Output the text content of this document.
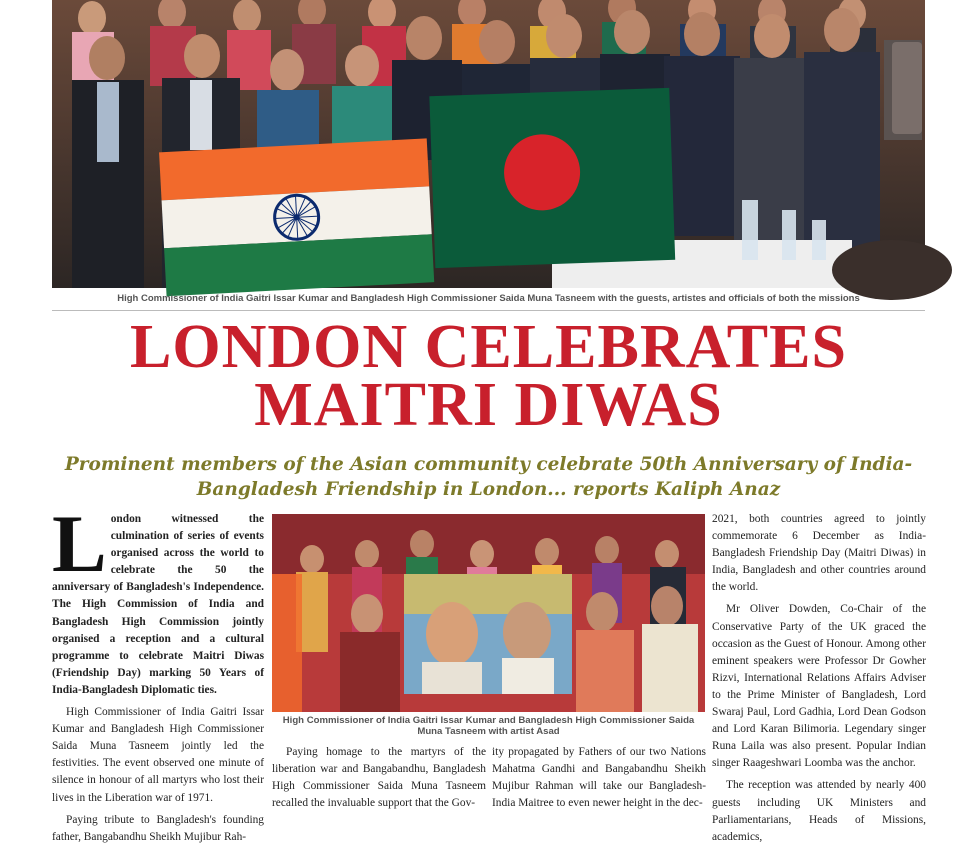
High Commissioner of India Gaitri Issar Kumar and Bangladesh High Commissioner Saida Muna Tasneem with the guests, artistes and officials of both the missions
LONDON CELEBRATES
MAITRI DIWAS
Prominent members of the Asian community celebrate 50th Anniversary of India-
Bangladesh Friendship in London... reports Kaliph Anaz

London witnessed the culmination of series of events organised across the world to celebrate the 50 the anniversary of Bangladesh's Independence. The High Commission of India and Bangladesh High Commission jointly organised a reception and a cultural programme to celebrate Maitri Diwas (Friendship Day) marking 50 Years of India-Bangladesh Diplomatic ties.

High Commissioner of India Gaitri Issar Kumar and Bangladesh High Commissioner Saida Muna Tasneem jointly led the festivities. The event observed one minute of silence in honour of all martyrs who lost their lives in the Liberation war of 1971.

Paying tribute to Bangladesh's founding father, Bangabandhu Sheikh Mujibur Rah-

High Commissioner of India Gaitri Issar Kumar and Bangladesh High Commissioner Saida Muna Tasneem with artist Asad

Paying homage to the martyrs of the liberation war and Bangabandhu, Bangladesh High Commissioner Saida Muna Tasneem recalled the invaluable support that the Gov-

ity propagated by Fathers of our two Nations Mahatma Gandhi and Bangabandhu Sheikh Mujibur Rahman will take our Bangladesh-India Maitree to even newer height in the dec-

2021, both countries agreed to jointly commemorate 6 December as India-Bangladesh Friendship Day (Maitri Diwas) in India, Bangladesh and other countries around the world.

Mr Oliver Dowden, Co-Chair of the Conservative Party of the UK graced the occasion as the Guest of Honour. Among other eminent speakers were Professor Dr Gowher Rizvi, International Relations Affairs Adviser to the Prime Minister of Bangladesh, Lord Swaraj Paul, Lord Gadhia, Lord Dean Godson and Lord Karan Bilimoria. Legendary singer Runa Laila was also present. Popular Indian singer Raageshwari Loomba was the anchor.

The reception was attended by nearly 400 guests including UK Ministers and Parliamentarians, Heads of Missions, academics,
